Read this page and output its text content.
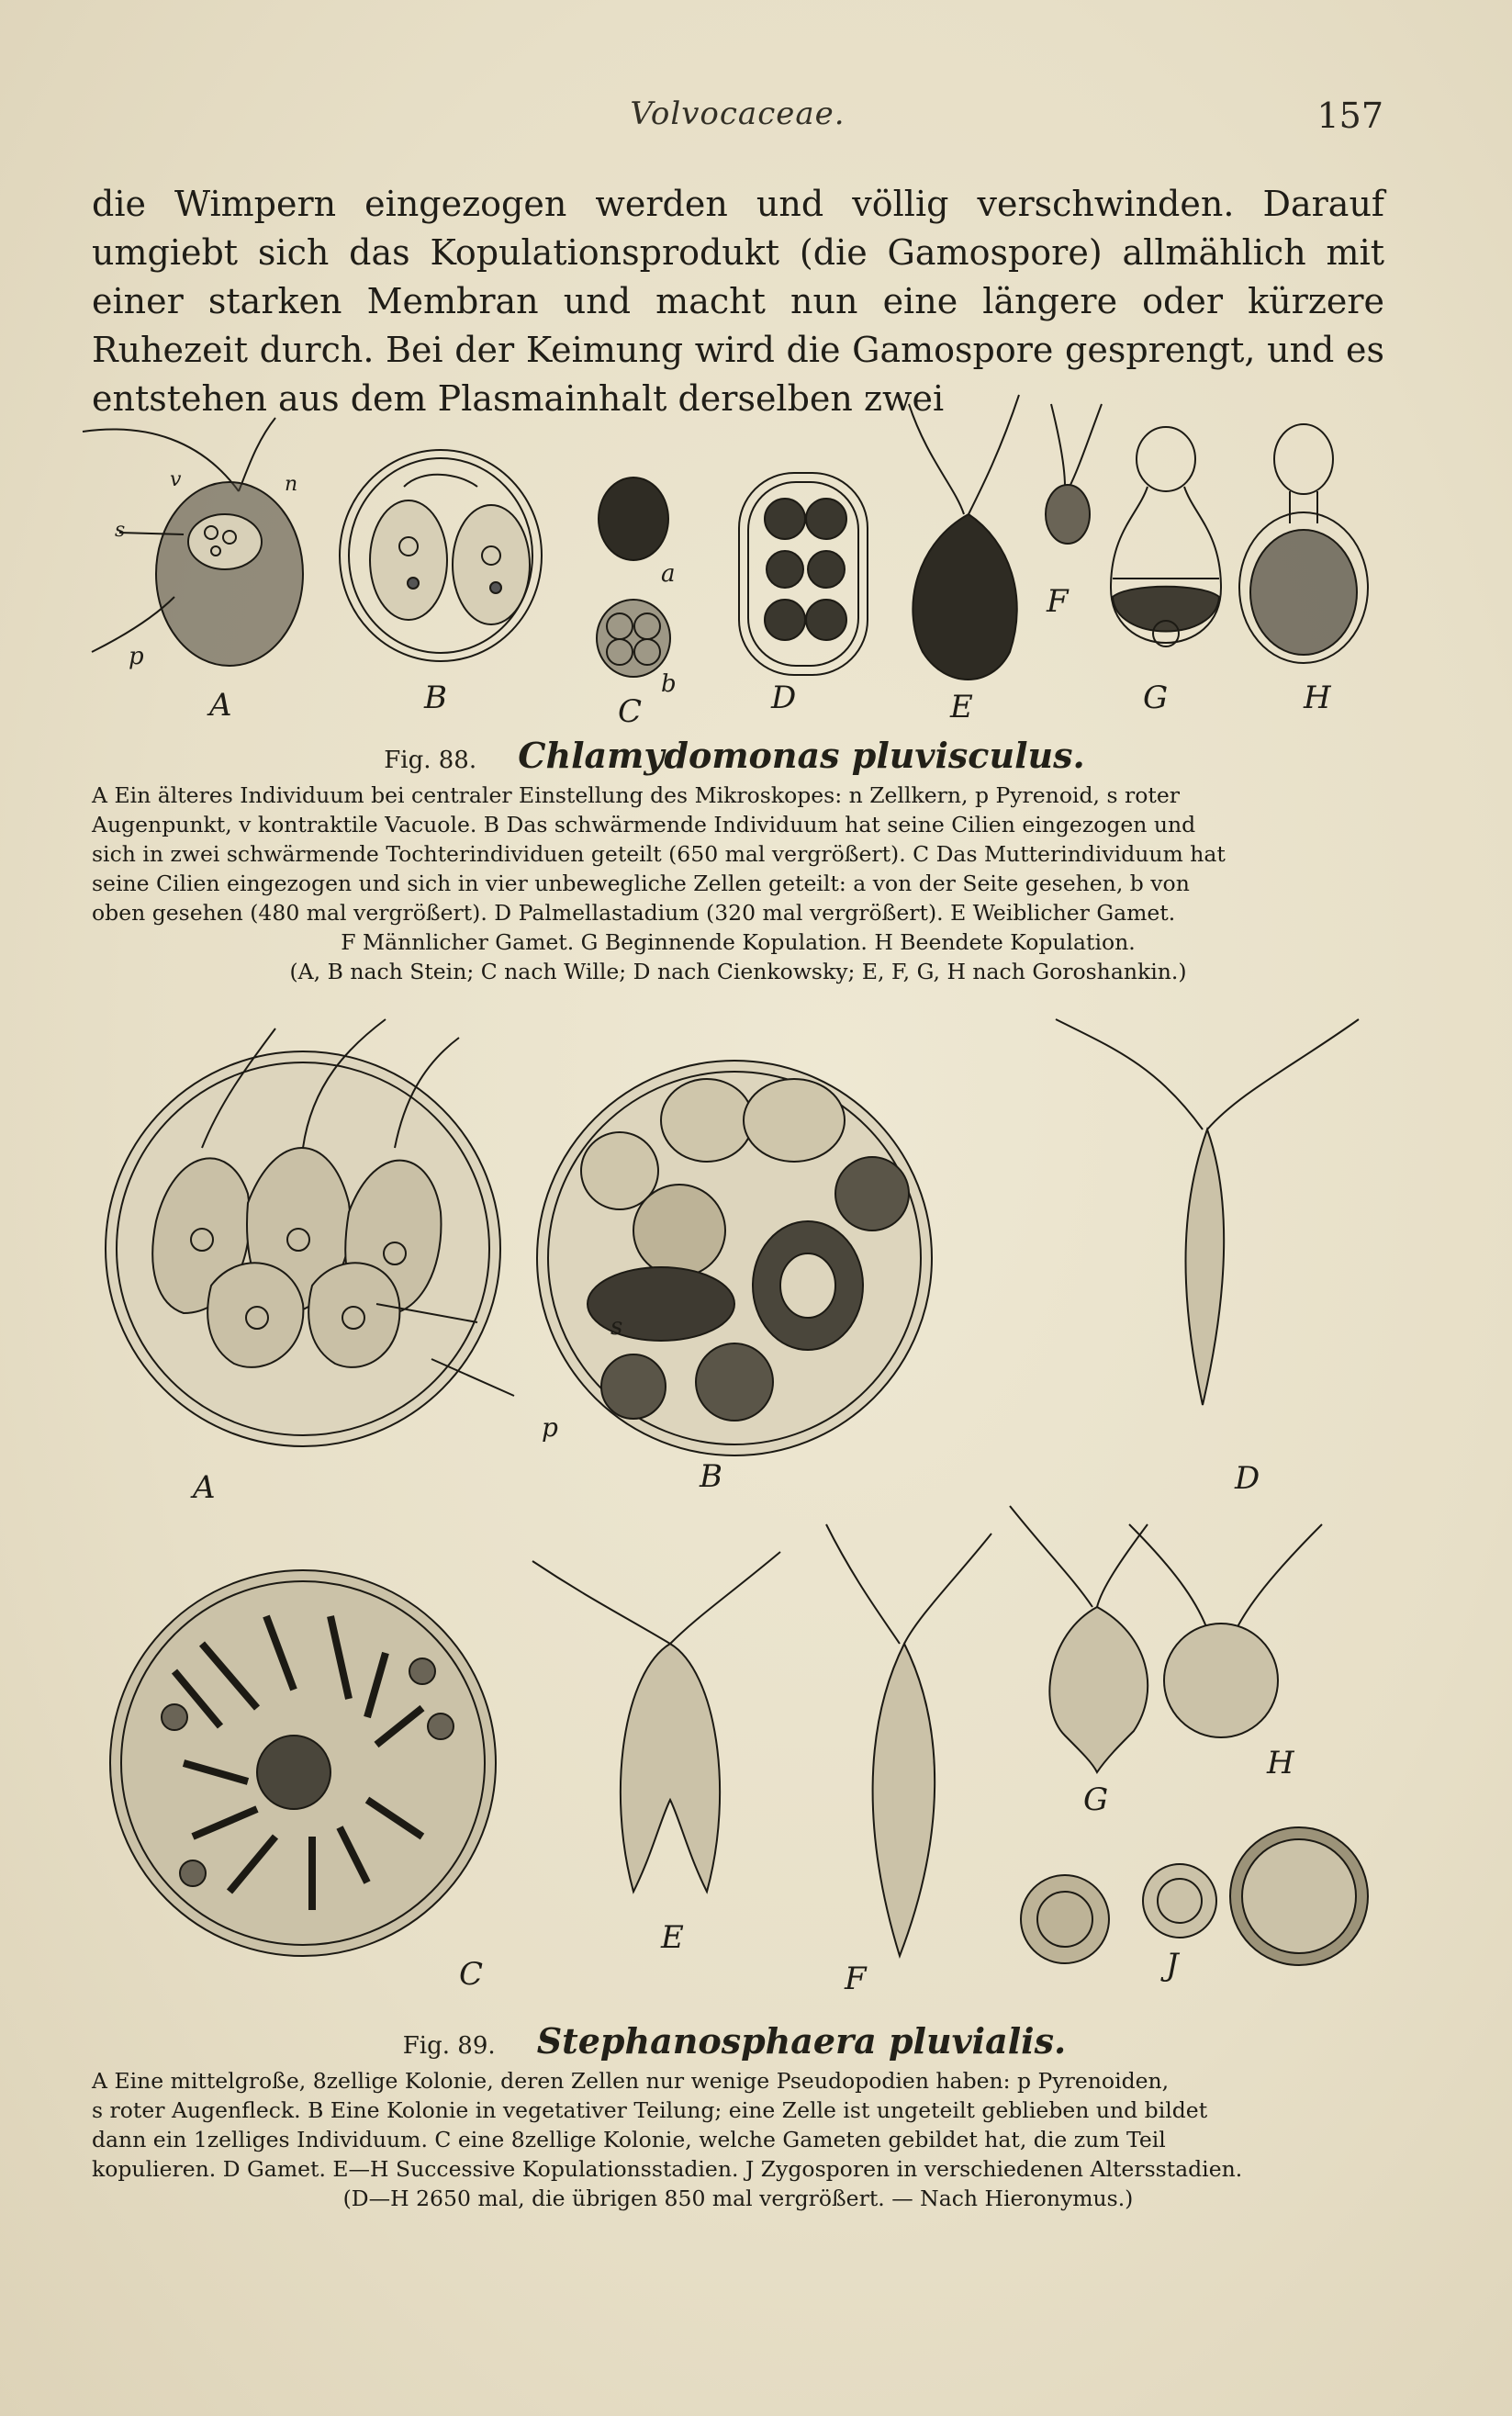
Volvocaceae.	157
die Wimpern eingezogen werden und völlig verschwinden. Darauf umgiebt sich das Kopulationsprodukt (die Gamospore) allmählich mit einer starken Membran und macht nun eine längere oder kürzere Ruhezeit durch. Bei der Keimung wird die Gamospore gesprengt, und es entstehen aus dem Plasmainhalt derselben zwei
A	B	C	D	E
F
G	H
a
b
v	n
s
p
Fig. 88. Chlamydomonas pluvisculus.
A Ein älteres Individuum bei centraler Einstellung des Mikroskopes: n Zellkern, p Pyrenoid, s roter
Augenpunkt, v kontraktile Vacuole. B Das schwärmende Individuum hat seine Cilien eingezogen und
sich in zwei schwärmende Tochterindividuen geteilt (650 mal vergrößert). C Das Mutterindividuum hat
seine Cilien eingezogen und sich in vier unbewegliche Zellen geteilt: a von der Seite gesehen, b von
oben gesehen (480 mal vergrößert). D Palmellastadium (320 mal vergrößert). E Weiblicher Gamet.
F Männlicher Gamet. G Beginnende Kopulation. H Beendete Kopulation.
(A, B nach Stein; C nach Wille; D nach Cienkowsky; E, F, G, H nach Goroshankin.)
A	B
C
D
E
F
G
H
J
s
p
Fig. 89. Stephanosphaera pluvialis.
A Eine mittelgroße, 8zellige Kolonie, deren Zellen nur wenige Pseudopodien haben: p Pyrenoiden,
s roter Augenfleck. B Eine Kolonie in vegetativer Teilung; eine Zelle ist ungeteilt geblieben und bildet
dann ein 1zelliges Individuum. C eine 8zellige Kolonie, welche Gameten gebildet hat, die zum Teil
kopulieren. D Gamet. E—H Successive Kopulationsstadien. J Zygosporen in verschiedenen Altersstadien.
(D—H 2650 mal, die übrigen 850 mal vergrößert. — Nach Hieronymus.)
